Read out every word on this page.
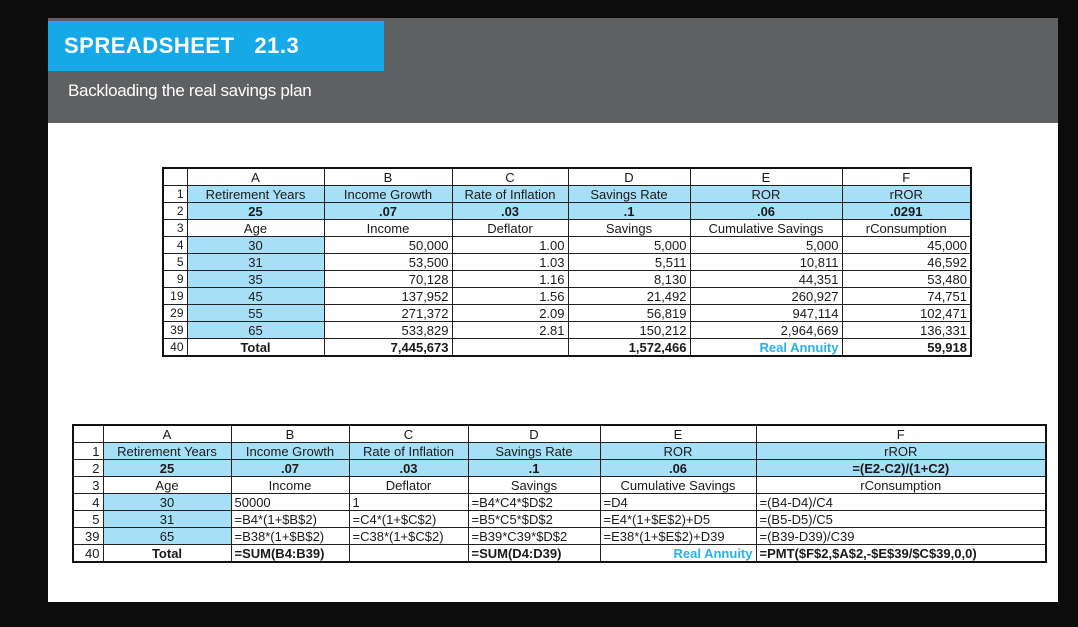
SPREADSHEET   21.3
Backloading the real savings plan
	A	B	C	D	E	F
1	Retirement Years	Income Growth	Rate of Inflation	Savings Rate	ROR	rROR
2	25	.07	.03	.1	.06	.0291
3	Age	Income	Deflator	Savings	Cumulative Savings	rConsumption
4	30	50,000	1.00	5,000	5,000	45,000
5	31	53,500	1.03	5,511	10,811	46,592
9	35	70,128	1.16	8,130	44,351	53,480
19	45	137,952	1.56	21,492	260,927	74,751
29	55	271,372	2.09	56,819	947,114	102,471
39	65	533,829	2.81	150,212	2,964,669	136,331
40	Total	7,445,673		1,572,466	Real Annuity	59,918
	A	B	C	D	E	F
1	Retirement Years	Income Growth	Rate of Inflation	Savings Rate	ROR	rROR
2	25	.07	.03	.1	.06	=(E2-C2)/(1+C2)
3	Age	Income	Deflator	Savings	Cumulative Savings	rConsumption
4	30	50000	1	=B4*C4*$D$2	=D4	=(B4-D4)/C4
5	31	=B4*(1+$B$2)	=C4*(1+$C$2)	=B5*C5*$D$2	=E4*(1+$E$2)+D5	=(B5-D5)/C5
39	65	=B38*(1+$B$2)	=C38*(1+$C$2)	=B39*C39*$D$2	=E38*(1+$E$2)+D39	=(B39-D39)/C39
40	Total	=SUM(B4:B39)		=SUM(D4:D39)	Real Annuity	=PMT($F$2,$A$2,-$E$39/$C$39,0,0)
